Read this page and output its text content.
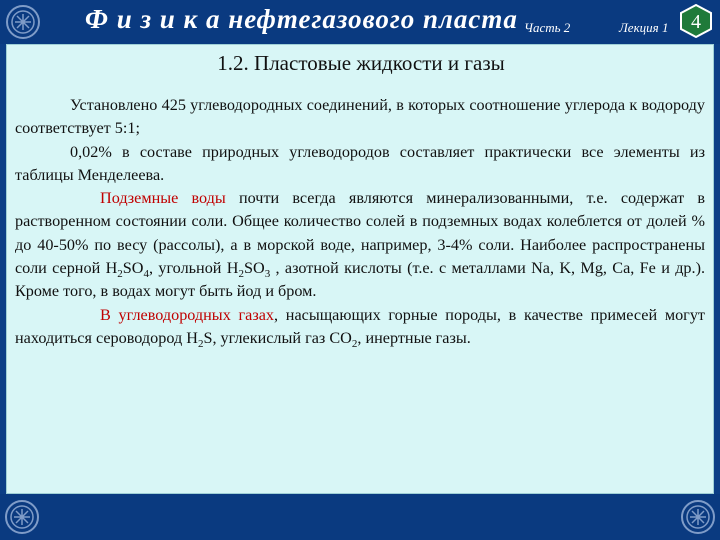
Ф и з и к а нефтегазового пласта Часть 2	Лекция 1 4
1.2. Пластовые жидкости и газы

Установлено 425 углеводородных соединений, в которых соотношение углерода к водороду соответствует 5:1;

0,02% в составе природных углеводородов составляет практически все элементы из таблицы Менделеева.

Подземные воды почти всегда являются минерализованными, т.е. содержат в растворенном состоянии соли. Общее количество солей в подземных водах колеблется от долей % до 40-50% по весу (рассолы), а в морской воде, например, 3-4% соли. Наиболее распространены соли серной $H_2SO_4$, угольной $H_2SO_3$ , азотной кислоты (т.е. с металлами Na, K, Mg, Ca, Fe и др.). Кроме того, в водах могут быть йод и бром.

В углеводородных газах, насыщающих горные породы, в качестве примесей могут находиться сероводород $H_2S$, углекислый газ $CO_2$, инертные газы.
